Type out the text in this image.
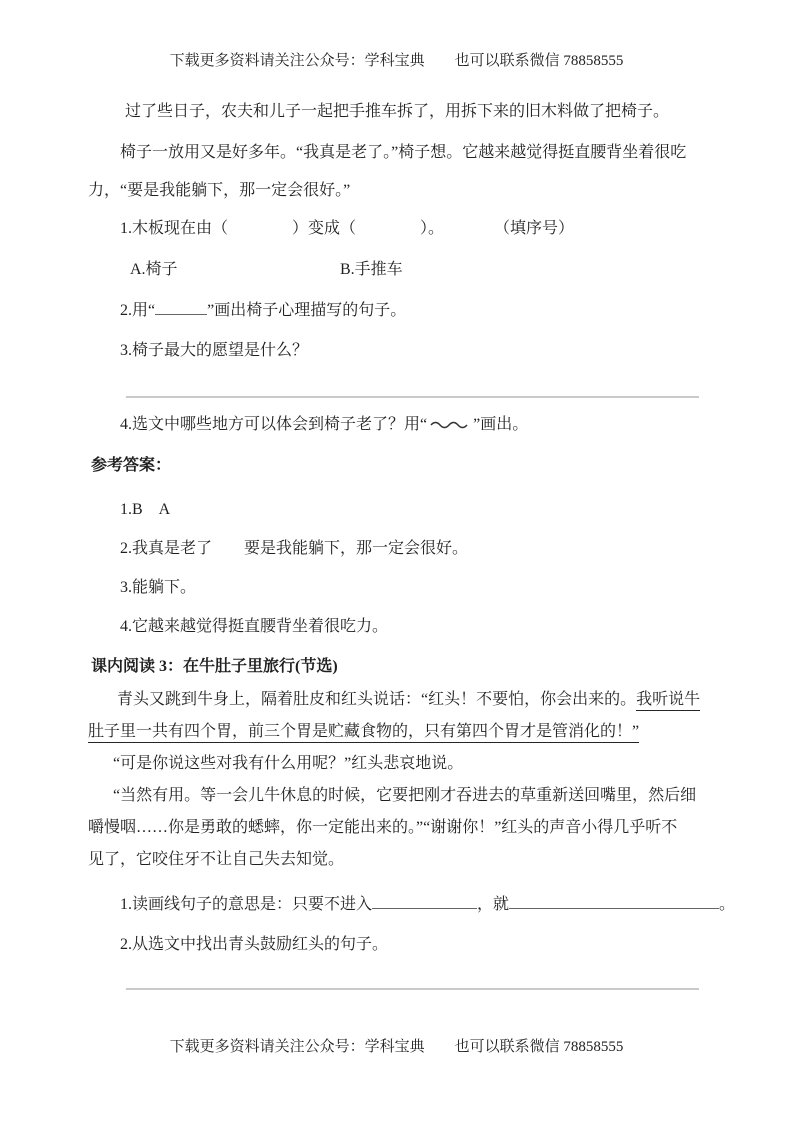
下载更多资料请关注公众号：学科宝典　　也可以联系微信 78858555
过了些日子，农夫和儿子一起把手推车拆了，用拆下来的旧木料做了把椅子。
椅子一放用又是好多年。“我真是老了。”椅子想。它越来越觉得挺直腰背坐着很吃
力，“要是我能躺下，那一定会很好。”
1.木板现在由（	）变成（	）。	（填序号）
A.椅子	B.手推车
2.用“	”画出椅子心理描写的句子。
3.椅子最大的愿望是什么？
4.选文中哪些地方可以体会到椅子老了？用“	”画出。
参考答案：
1.B　A
2.我真是老了　　要是我能躺下，那一定会很好。
3.能躺下。
4.它越来越觉得挺直腰背坐着很吃力。
课内阅读 3：在牛肚子里旅行(节选)
青头又跳到牛身上，隔着肚皮和红头说话：“红头！不要怕，你会出来的。我听说牛
肚子里一共有四个胃，前三个胃是贮藏食物的，只有第四个胃才是管消化的！”
“可是你说这些对我有什么用呢？”红头悲哀地说。
“当然有用。等一会儿牛休息的时候，它要把刚才吞进去的草重新送回嘴里，然后细
嚼慢咽……你是勇敢的蟋蟀，你一定能出来的。”“谢谢你！”红头的声音小得几乎听不
见了，它咬住牙不让自己失去知觉。
1.读画线句子的意思是：只要不进入	，就	。
2.从选文中找出青头鼓励红头的句子。
下载更多资料请关注公众号：学科宝典　　也可以联系微信 78858555
